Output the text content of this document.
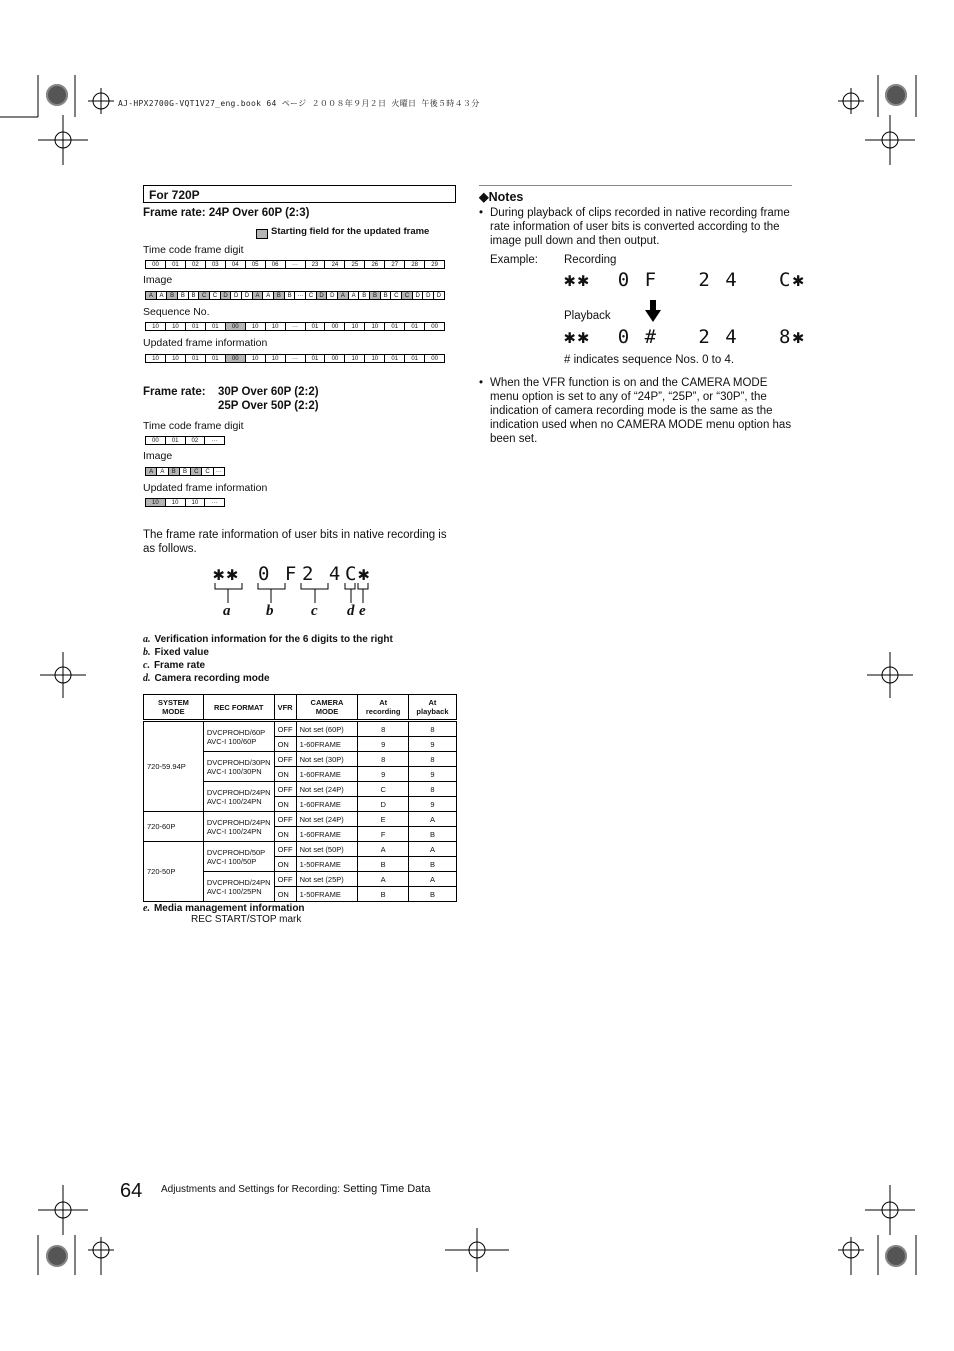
AJ-HPX2700G-VQT1V27_eng.book 64 ページ ２００８年９月２日 火曜日 午後５時４３分
For 720P
Frame rate: 24P Over 60P (2:3)
Starting field for the updated frame
Time code frame digit
00	01	02	03	04	05	06	···	23	24	25	26	27	28	29
Image
A	A	B	B	B	C	C	D	D	D	A	A	B	B ··· C	D	D	A	A	B	B	B	C	C	D	D	D
Sequence No.
10	10	01	01	00	10	10	···	01	00	10	10	01	01	00
Updated frame information
10	10	01	01	00	10	10	···	01	00	10	10	01	01	00
Frame rate: 30P Over 60P (2:2)
25P Over 50P (2:2)
Time code frame digit
00	01	02	···
Image
A	A	B	B	C	C	···
Updated frame information
10	10	10	···
The frame rate information of user bits in native recording is as follows.
✱✱ 0 F 2 4 C ✱
a b	c d e
a. Verification information for the 6 digits to the right
b. Fixed value
c. Frame rate
d. Camera recording mode
SYSTEM MODE	REC FORMAT	VFR	CAMERA MODE	At recording	At playback
720-59.94P	DVCPROHD/60P
AVC-I 100/60P	OFF	Not set (60P)	8	8
		ON	1-60FRAME	9	9
	DVCPROHD/30PN
AVC-I 100/30PN	OFF	Not set (30P)	8	8
		ON	1-60FRAME	9	9
	DVCPROHD/24PN
AVC-I 100/24PN	OFF	Not set (24P)	C	8
		ON	1-60FRAME	D	9
720-60P	DVCPROHD/24PN
AVC-I 100/24PN	OFF	Not set (24P)	E	A
		ON	1-60FRAME	F	B
720-50P	DVCPROHD/50P
AVC-I 100/50P	OFF	Not set (50P)	A	A
		ON	1-50FRAME	B	B
	DVCPROHD/24PN
AVC-I 100/25PN	OFF	Not set (25P)	A	A
		ON	1-50FRAME	B	B
e. Media management information
REC START/STOP mark
◆Notes
• During playback of clips recorded in native recording frame rate information of user bits is converted according to the image pull down and then output.
Example: Recording
✱✱  0 F   2 4   C✱
Playback
✱✱  0 #   2 4   8✱
# indicates sequence Nos. 0 to 4.
• When the VFR function is on and the CAMERA MODE menu option is set to any of “24P”, “25P”, or “30P”, the indication of camera recording mode is the same as the indication used when no CAMERA MODE menu option has been set.
64 Adjustments and Settings for Recording: Setting Time Data
